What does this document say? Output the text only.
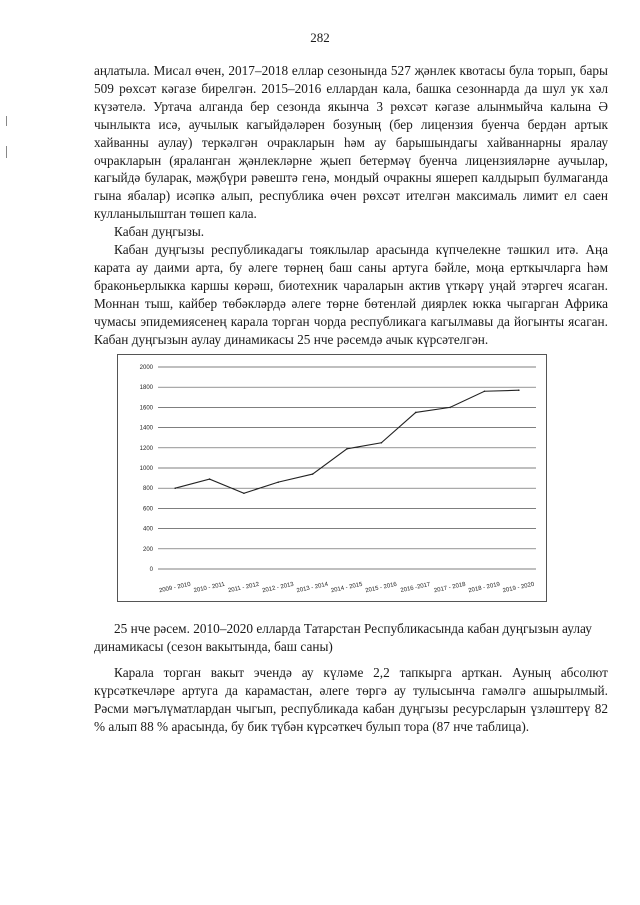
282

аңлатыла. Мисал өчен, 2017–2018 еллар сезонында 527 җәнлек квотасы була торып, бары 509 рөхсәт кәгазе бирелгән. 2015–2016 еллардан кала, башка сезоннарда да шул ук хәл күзәтелә. Уртача алганда бер сезонда якынча 3 рөхсәт кәгазе алынмыйча калына Ә чынлыкта исә, аучылык кагыйдәләрен бозуның (бер лицензия буенча бердән артык хайванны аулау) теркәлгән очракларын һәм ау барышындагы хайваннарны яралау очракларын (яраланган җәнлекләрне җыеп бетермәү буенча лицензияләрне аучылар, кагыйдә буларак, мәҗбүри рәвештә генә, мондый очракны яшереп калдырып булмаганда гына ябалар) исәпкә алып, республика өчен рөхсәт ителгән максималь лимит ел саен кулланылыштан төшеп кала.

Кабан дуңгызы.

Кабан дуңгызы республикадагы тояклылар арасында күпчелекне тәшкил итә. Аңа карата ау даими арта, бу әлеге төрнең баш саны артуга бәйле, моңа ерткычларга һәм браконьерлыкка каршы көрәш, биотехник чараларын актив үткәрү уңай этәргеч ясаган. Моннан тыш, кайбер төбәкләрдә әлеге төрне бөтенләй диярлек юкка чыгарган Африка чумасы эпидемиясенең карала торган чорда республикага кагылмавы да йогынты ясаган. Кабан дуңгызын аулау динамикасы 25 нче рәсемдә ачык күрсәтелгән.

0
200
400
600
800
1000
1200
1400
1600
1800
2000
2009 - 2010 2010 - 2011 2011 - 2012 2012 - 2013 2013 - 2014 2014 - 2015 2015 - 2016 2016 -2017 2017 - 2018 2018 - 2019 2019 - 2020

25 нче рәсем. 2010–2020 елларда Татарстан Республикасында кабан дуңгызын аулау динамикасы (сезон вакытында, баш саны)

Карала торган вакыт эчендә ау күләме 2,2 тапкырга арткан. Ауның абсолют күрсәткечләре артуга да карамастан, әлеге төргә ау тулысынча гамәлгә ашырылмый. Рәсми мәгълүматлардан чыгып, республикада кабан дуңгызы ресурсларын үзләштерү 82 % алып 88 % арасында, бу бик түбән күрсәткеч булып тора (87 нче таблица).
